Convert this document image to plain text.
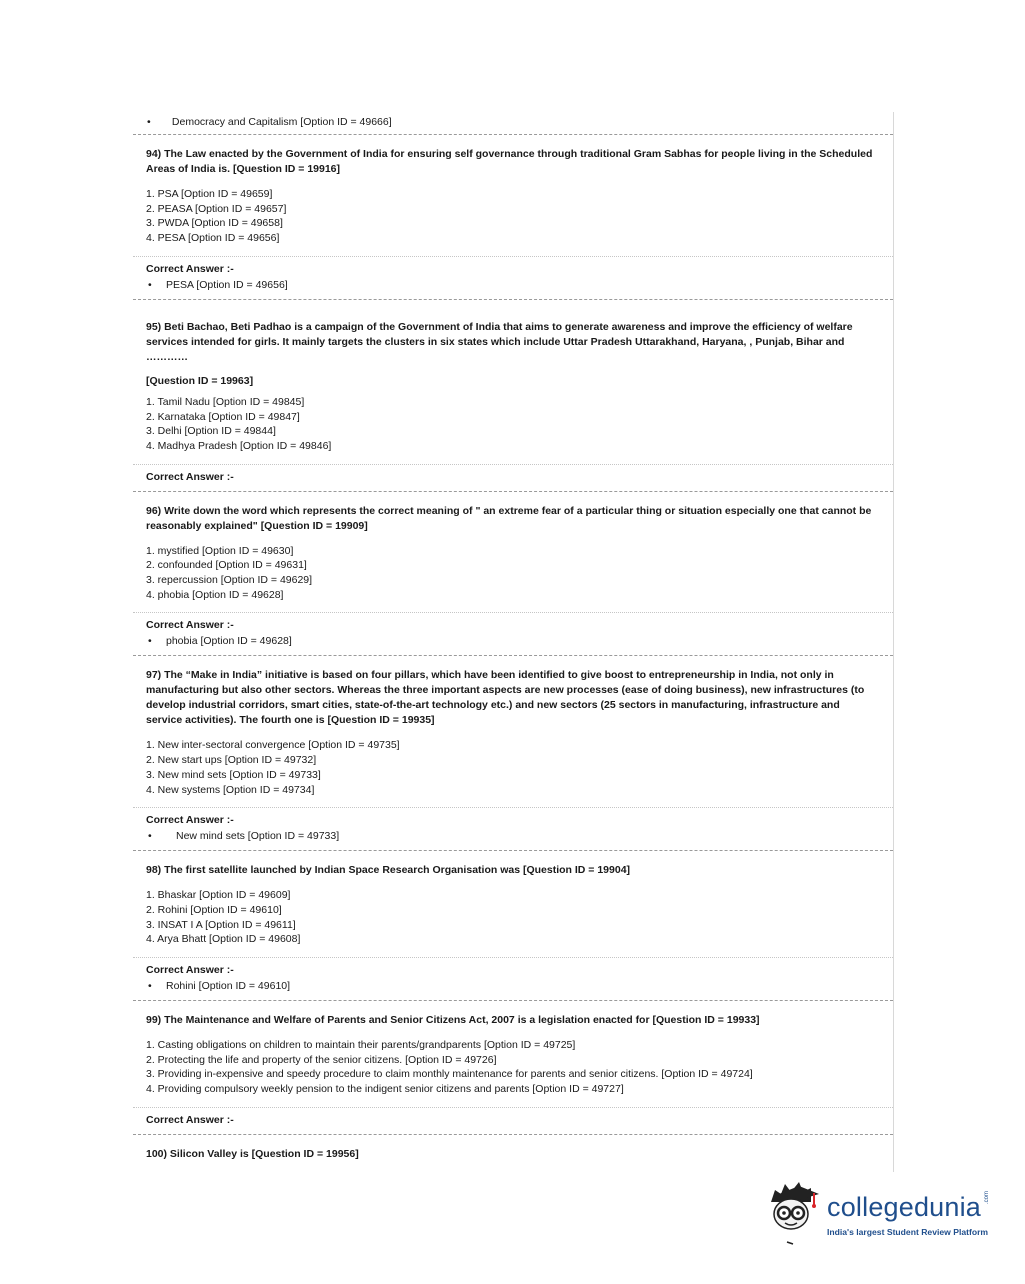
• Democracy and Capitalism [Option ID = 49666]
94) The Law enacted by the Government of India for ensuring self governance through traditional Gram Sabhas for people living in the Scheduled Areas of India is. [Question ID = 19916]
1. PSA [Option ID = 49659]
2. PEASA [Option ID = 49657]
3. PWDA [Option ID = 49658]
4. PESA [Option ID = 49656]
Correct Answer :-
• PESA [Option ID = 49656]
95) Beti Bachao, Beti Padhao is a campaign of the Government of India that aims to generate awareness and improve the efficiency of welfare services intended for girls. It mainly targets the clusters in six states which include Uttar Pradesh Uttarakhand, Haryana, , Punjab, Bihar and …………
[Question ID = 19963]
1. Tamil Nadu [Option ID = 49845]
2. Karnataka [Option ID = 49847]
3. Delhi [Option ID = 49844]
4. Madhya Pradesh [Option ID = 49846]
Correct Answer :-
96) Write down the word which represents the correct meaning of " an extreme fear of a particular thing or situation especially one that cannot be reasonably explained" [Question ID = 19909]
1. mystified [Option ID = 49630]
2. confounded [Option ID = 49631]
3. repercussion [Option ID = 49629]
4. phobia [Option ID = 49628]
Correct Answer :-
• phobia [Option ID = 49628]
97) The “Make in India” initiative is based on four pillars, which have been identified to give boost to entrepreneurship in India, not only in manufacturing but also other sectors. Whereas the three important aspects are new processes (ease of doing business), new infrastructures (to develop industrial corridors, smart cities, state-of-the-art technology etc.) and new sectors (25 sectors in manufacturing, infrastructure and service activities). The fourth one is [Question ID = 19935]
1. New inter-sectoral convergence [Option ID = 49735]
2. New start ups [Option ID = 49732]
3. New mind sets [Option ID = 49733]
4. New systems [Option ID = 49734]
Correct Answer :-
• New mind sets [Option ID = 49733]
98) The first satellite launched by Indian Space Research Organisation was [Question ID = 19904]
1. Bhaskar [Option ID = 49609]
2. Rohini [Option ID = 49610]
3. INSAT I A [Option ID = 49611]
4. Arya Bhatt [Option ID = 49608]
Correct Answer :-
• Rohini [Option ID = 49610]
99) The Maintenance and Welfare of Parents and Senior Citizens Act, 2007 is a legislation enacted for [Question ID = 19933]
1. Casting obligations on children to maintain their parents/grandparents [Option ID = 49725]
2. Protecting the life and property of the senior citizens. [Option ID = 49726]
3. Providing in-expensive and speedy procedure to claim monthly maintenance for parents and senior citizens. [Option ID = 49724]
4. Providing compulsory weekly pension to the indigent senior citizens and parents [Option ID = 49727]
Correct Answer :-
100) Silicon Valley is [Question ID = 19956]
collegedunia .com
India's largest Student Review Platform
